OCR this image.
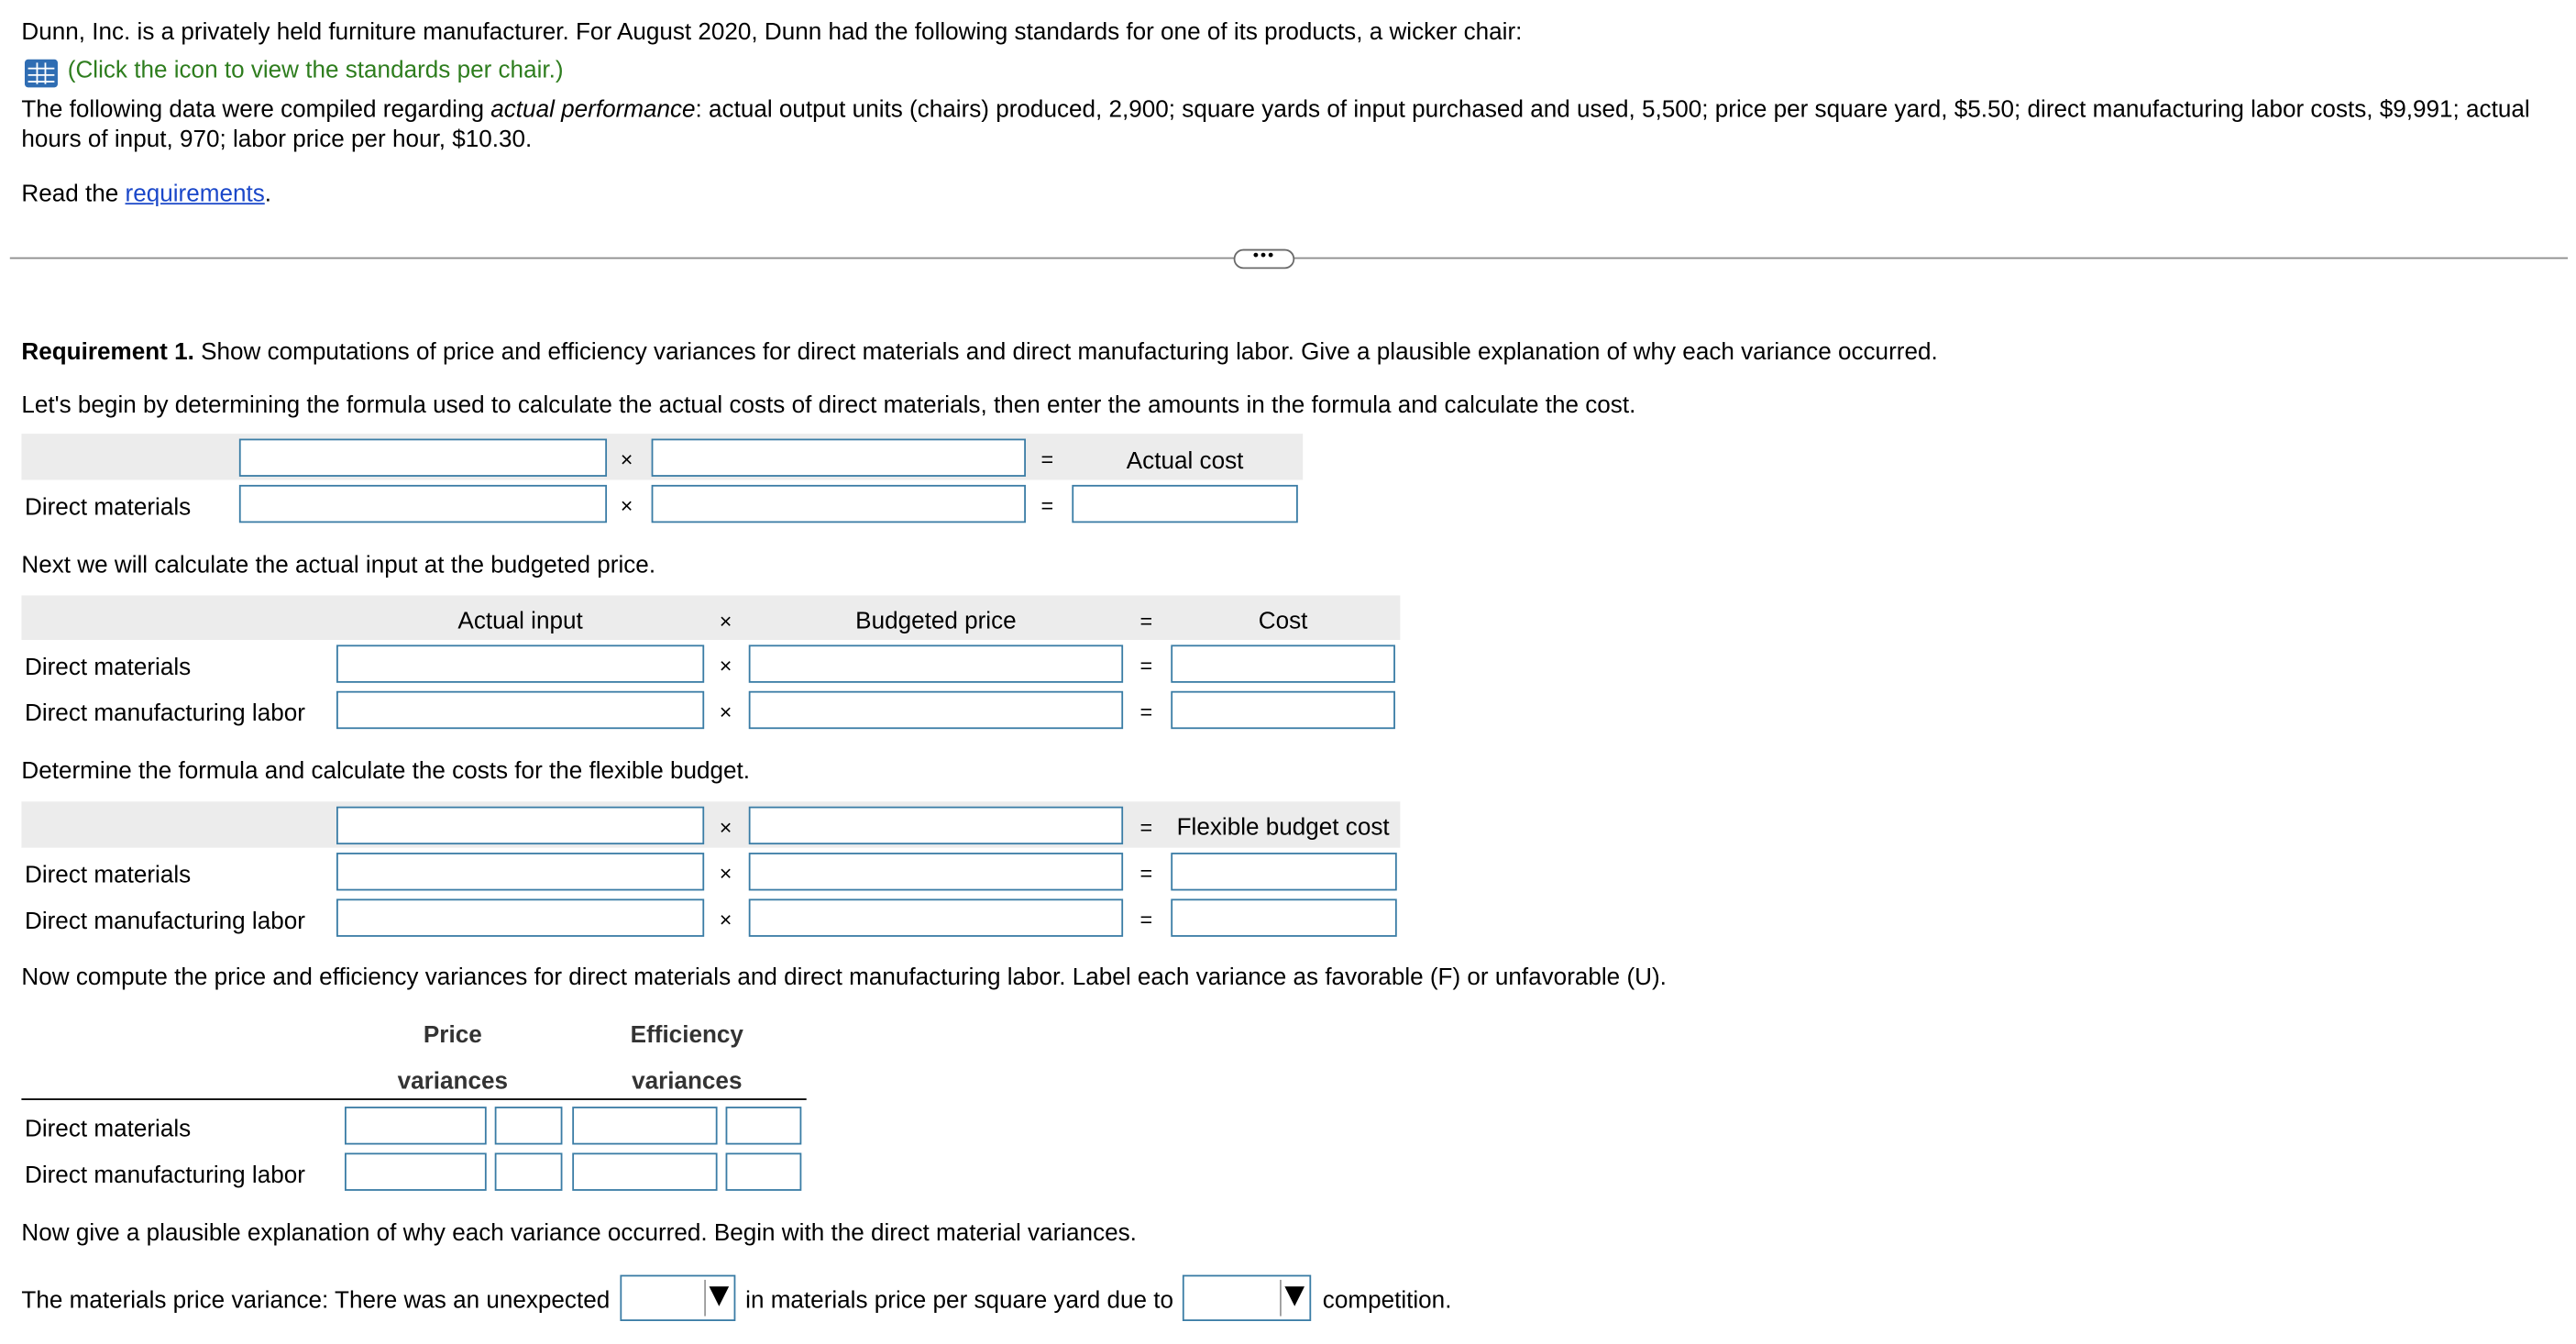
Dunn, Inc. is a privately held furniture manufacturer. For August 2020, Dunn had the following standards for one of its products, a wicker chair:
(Click the icon to view the standards per chair.)
The following data were compiled regarding actual performance: actual output units (chairs) produced, 2,900; square yards of input purchased and used, 5,500; price per square yard, $5.50; direct manufacturing labor costs, $9,991; actual hours of input, 970; labor price per hour, $10.30.
Read the requirements.
•••
Requirement 1. Show computations of price and efficiency variances for direct materials and direct manufacturing labor. Give a plausible explanation of why each variance occurred.
Let's begin by determining the formula used to calculate the actual costs of direct materials, then enter the amounts in the formula and calculate the cost.
×	=	Actual cost
Direct materials	×	=
Next we will calculate the actual input at the budgeted price.
Actual input	×	Budgeted price	=	Cost
Direct materials	×	=
Direct manufacturing labor	×	=
Determine the formula and calculate the costs for the flexible budget.
×	=	Flexible budget cost
Direct materials	×	=
Direct manufacturing labor	×	=
Now compute the price and efficiency variances for direct materials and direct manufacturing labor. Label each variance as favorable (F) or unfavorable (U).
Price
variances
Efficiency
variances
Direct materials
Direct manufacturing labor
Now give a plausible explanation of why each variance occurred. Begin with the direct material variances.
The materials price variance: There was an unexpected	in materials price per square yard due to	competition.
